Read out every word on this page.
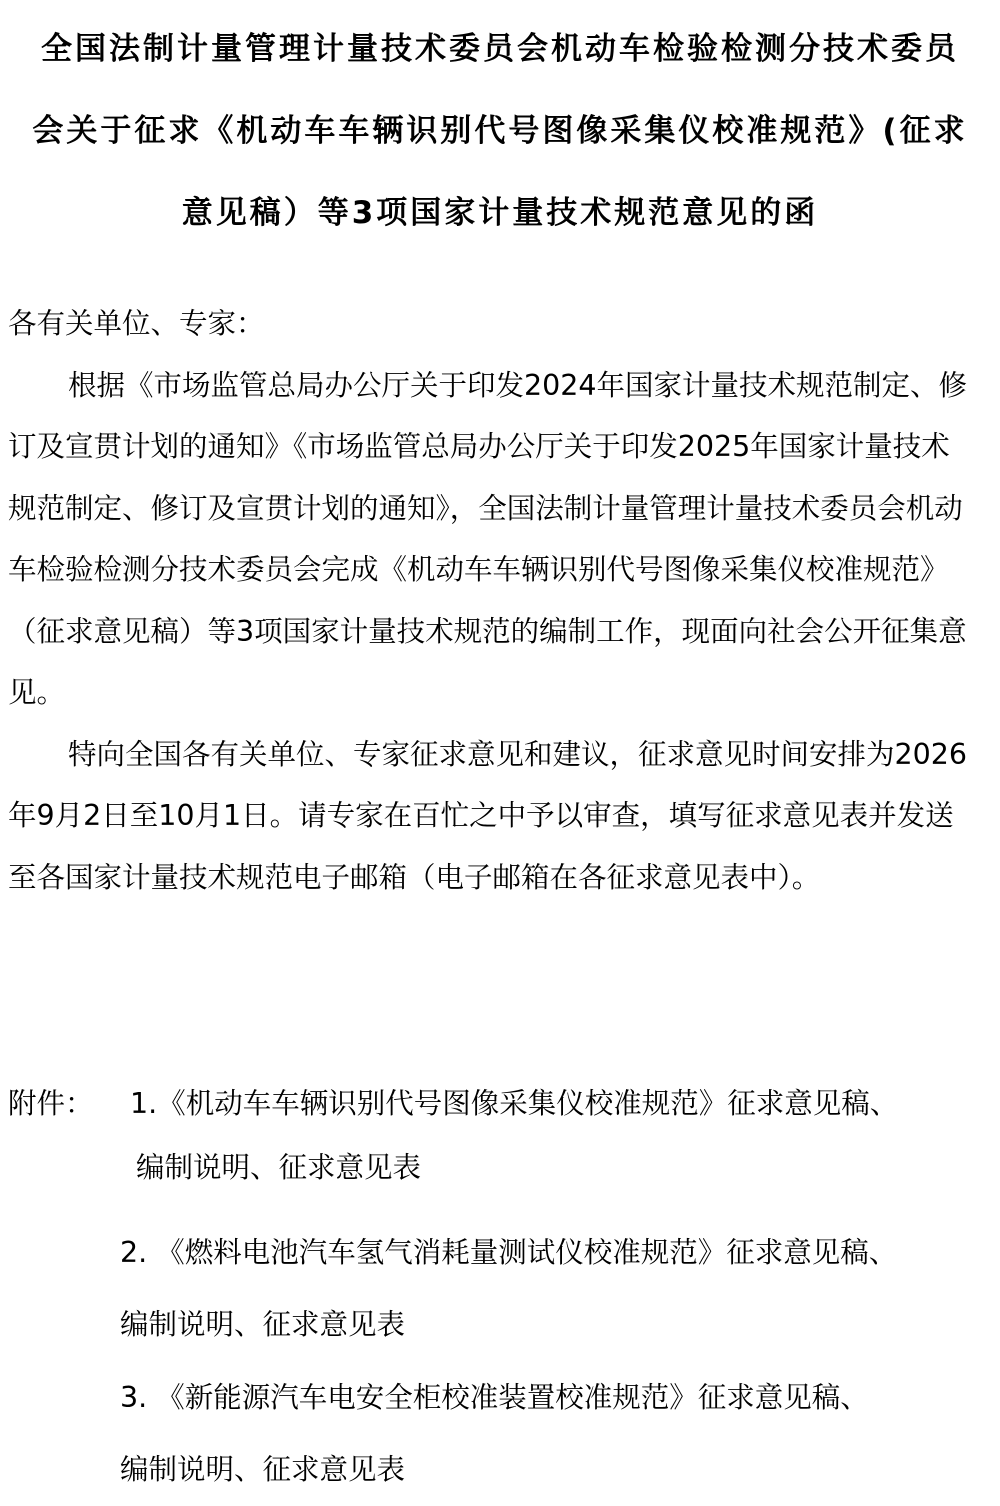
全国法制计量管理计量技术委员会机动车检验检测分技术委员
会关于征求《机动车车辆识别代号图像采集仪校准规范》(征求
意见稿）等3项国家计量技术规范意见的函

各有关单位、专家：

根据《市场监管总局办公厅关于印发2024年国家计量技术规范制定、修订及宣贯计划的通知》《市场监管总局办公厅关于印发2025年国家计量技术规范制定、修订及宣贯计划的通知》，全国法制计量管理计量技术委员会机动车检验检测分技术委员会完成《机动车车辆识别代号图像采集仪校准规范》（征求意见稿）等3项国家计量技术规范的编制工作，现面向社会公开征集意见。

特向全国各有关单位、专家征求意见和建议，征求意见时间安排为2026年9月2日至10月1日。请专家在百忙之中予以审查，填写征求意见表并发送至各国家计量技术规范电子邮箱（电子邮箱在各征求意见表中）。

附件： 1.《机动车车辆识别代号图像采集仪校准规范》征求意见稿、
编制说明、征求意见表
2. 《燃料电池汽车氢气消耗量测试仪校准规范》征求意见稿、
编制说明、征求意见表
3. 《新能源汽车电安全柜校准装置校准规范》征求意见稿、
编制说明、征求意见表
